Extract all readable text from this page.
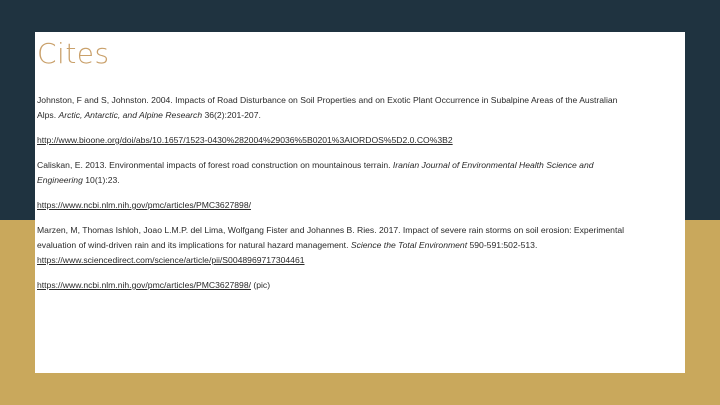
Cites

Johnston, F and S, Johnston. 2004. Impacts of Road Disturbance on Soil Properties and on Exotic Plant Occurrence in Subalpine Areas of the Australian Alps. Arctic, Antarctic, and Alpine Research 36(2):201-207.

http://www.bioone.org/doi/abs/10.1657/1523-0430%282004%29036%5B0201%3AIORDOS%5D2.0.CO%3B2

Caliskan, E. 2013. Environmental impacts of forest road construction on mountainous terrain. Iranian Journal of Environmental Health Science and Engineering 10(1):23.

https://www.ncbi.nlm.nih.gov/pmc/articles/PMC3627898/

Marzen, M, Thomas Ishloh, Joao L.M.P. del Lima, Wolfgang Fister and Johannes B. Ries. 2017. Impact of severe rain storms on soil erosion: Experimental evaluation of wind-driven rain and its implications for natural hazard management. Science the Total Environment 590-591:502-513. https://www.sciencedirect.com/science/article/pii/S0048969717304461

https://www.ncbi.nlm.nih.gov/pmc/articles/PMC3627898/ (pic)
